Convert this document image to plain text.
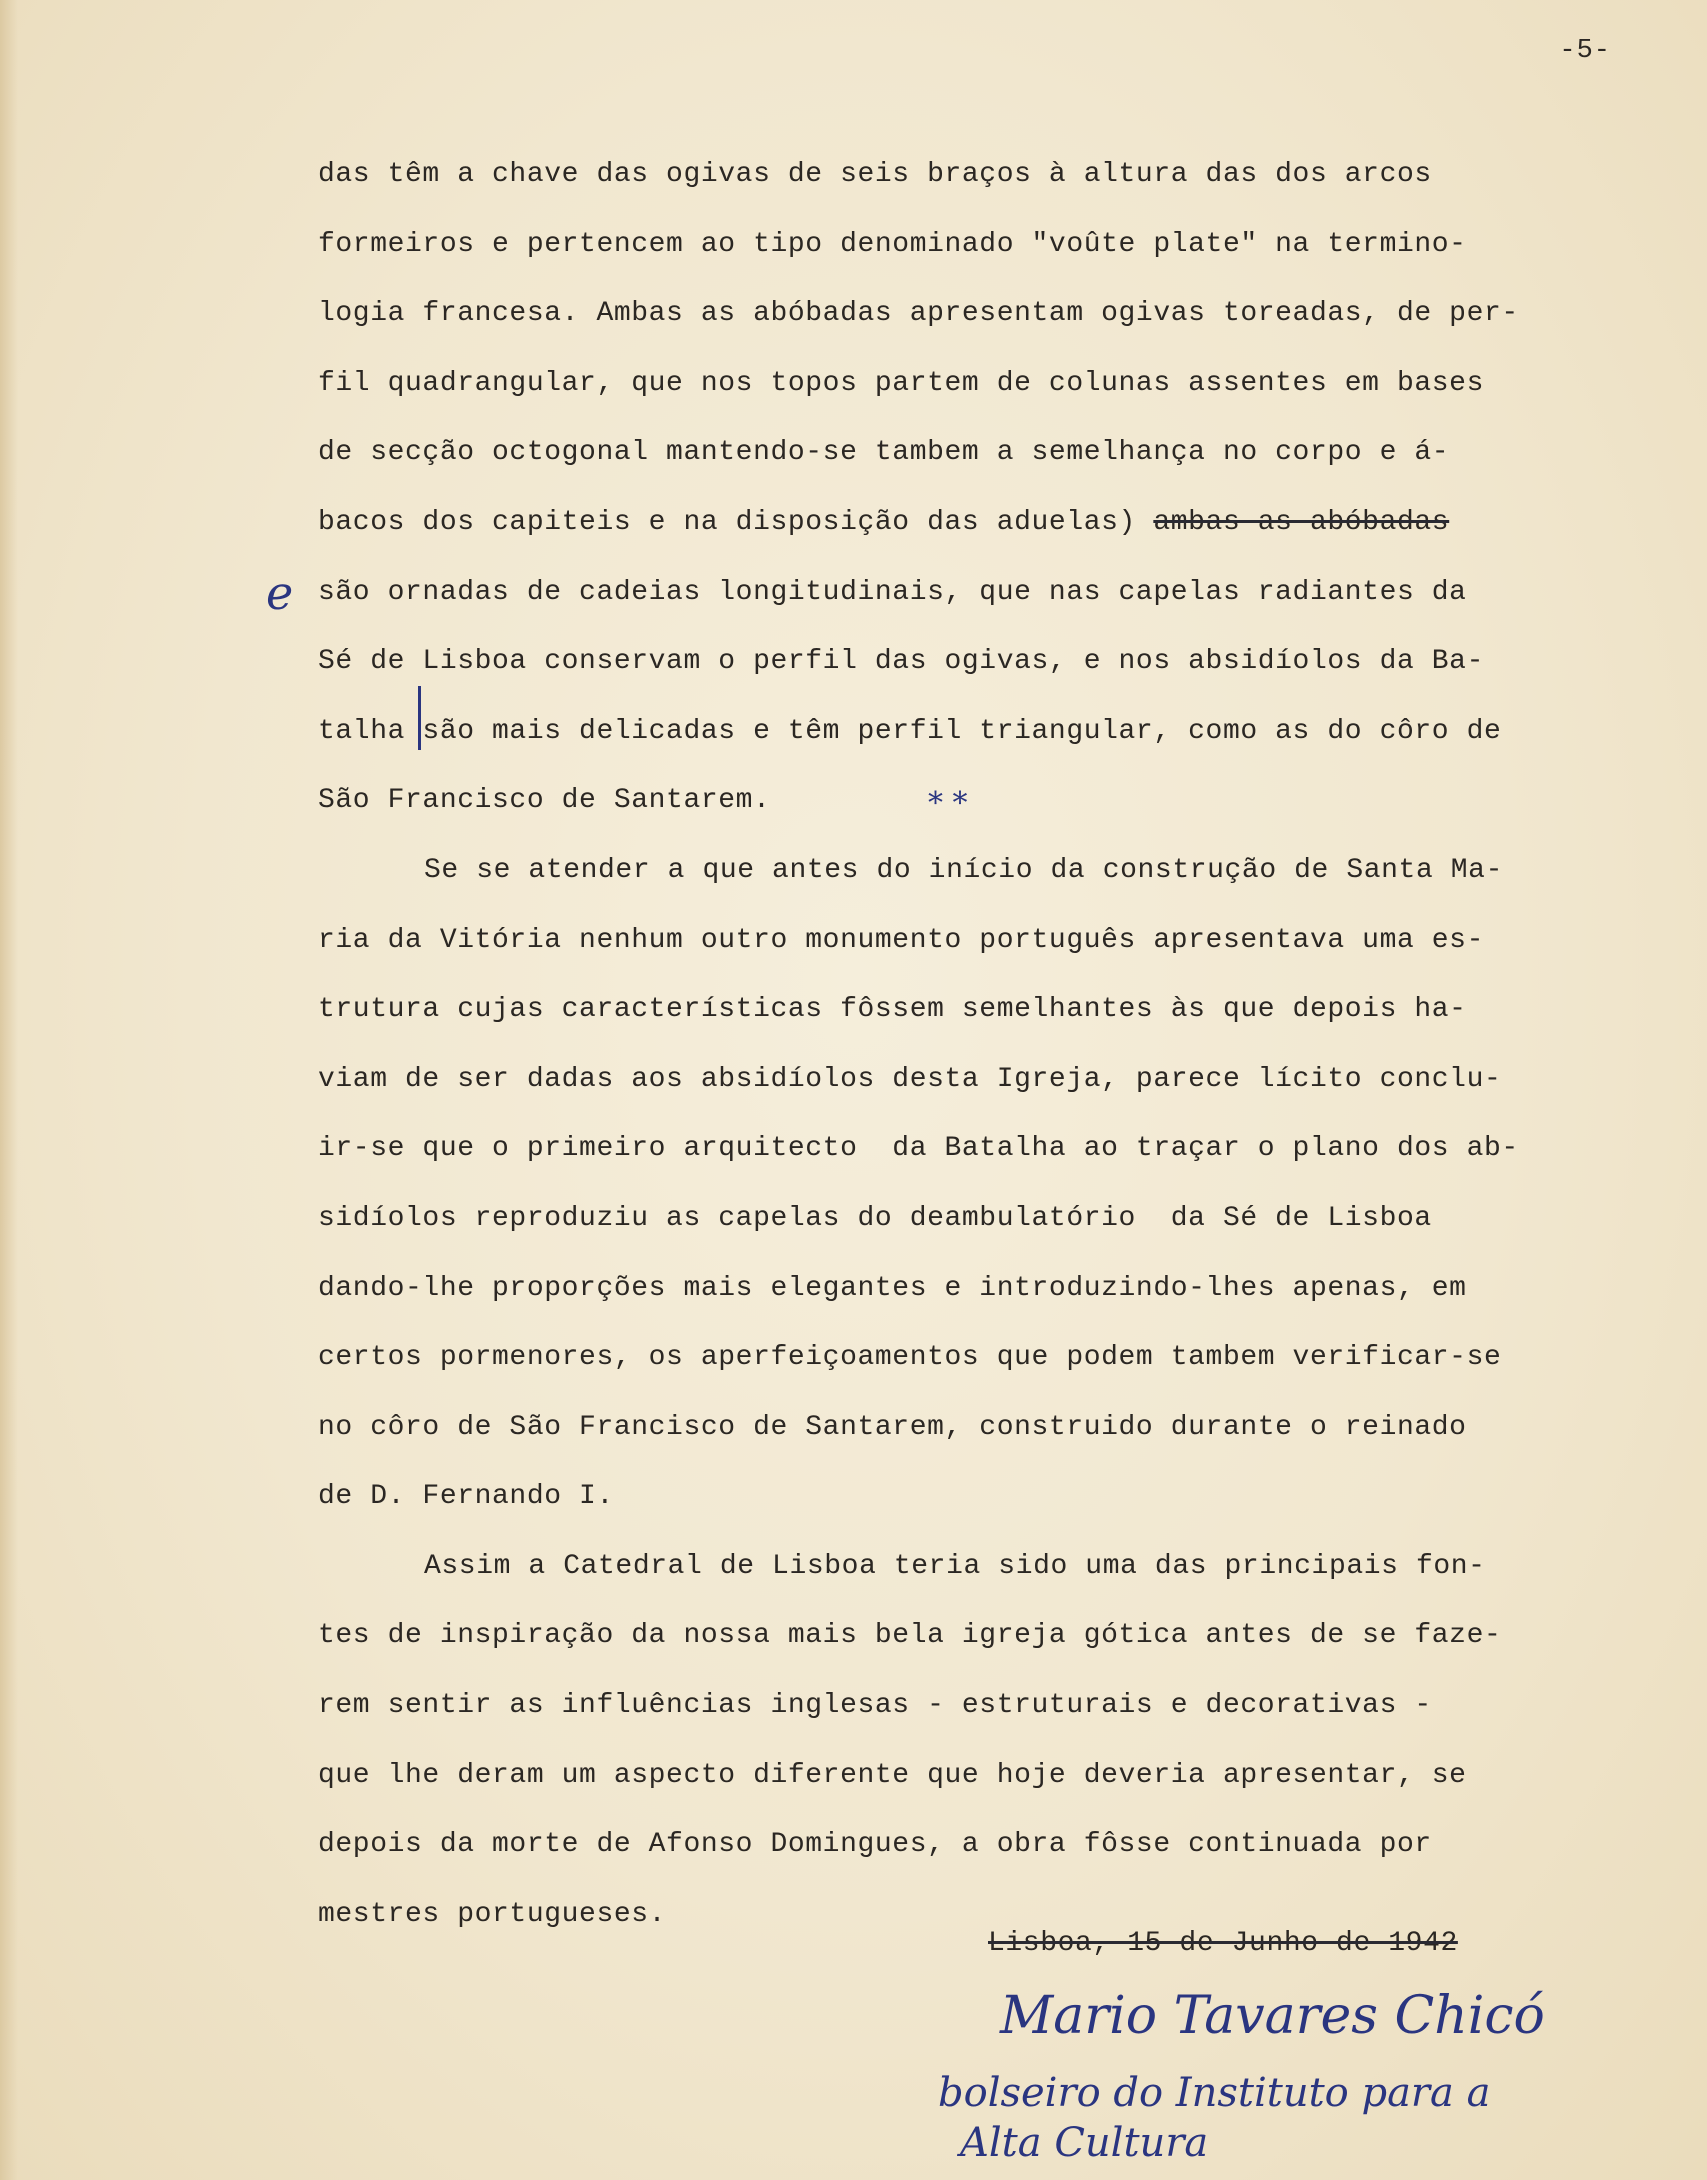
-5-
e
* *
das têm a chave das ogivas de seis braços à altura das dos arcos
formeiros e pertencem ao tipo denominado "voûte plate" na termino-
logia francesa. Ambas as abóbadas apresentam ogivas toreadas, de per-
fil quadrangular, que nos topos partem de colunas assentes em bases
de secção octogonal mantendo-se tambem a semelhança no corpo e á-
bacos dos capiteis e na disposição das aduelas) ambas as abóbadas
são ornadas de cadeias longitudinais, que nas capelas radiantes da
Sé de Lisboa conservam o perfil das ogivas, e nos absidíolos da Ba-
talha são mais delicadas e têm perfil triangular, como as do côro de
São Francisco de Santarem.
Se se atender a que antes do início da construção de Santa Ma-
ria da Vitória nenhum outro monumento português apresentava uma es-
trutura cujas características fôssem semelhantes às que depois ha-
viam de ser dadas aos absidíolos desta Igreja, parece lícito conclu-
ir-se que o primeiro arquitecto  da Batalha ao traçar o plano dos ab-
sidíolos reproduziu as capelas do deambulatório  da Sé de Lisboa
dando-lhe proporções mais elegantes e introduzindo-lhes apenas, em
certos pormenores, os aperfeiçoamentos que podem tambem verificar-se
no côro de São Francisco de Santarem, construido durante o reinado
de D. Fernando I.
Assim a Catedral de Lisboa teria sido uma das principais fon-
tes de inspiração da nossa mais bela igreja gótica antes de se faze-
rem sentir as influências inglesas - estruturais e decorativas -
que lhe deram um aspecto diferente que hoje deveria apresentar, se
depois da morte de Afonso Domingues, a obra fôsse continuada por
mestres portugueses.
Lisboa, 15 de Junho de 1942
Mario Tavares Chicó
bolseiro do Instituto para a
Alta Cultura
